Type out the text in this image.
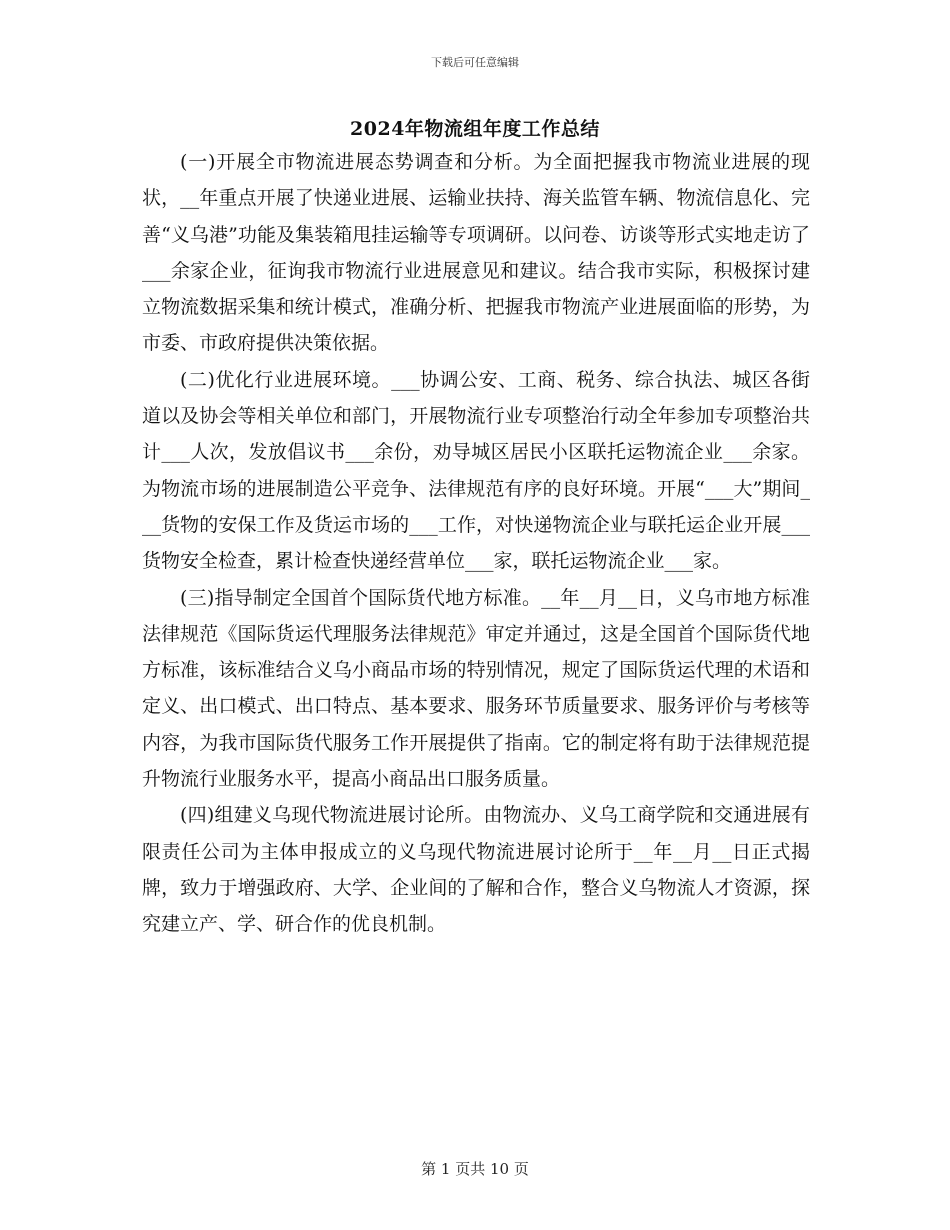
下载后可任意编辑
2024年物流组年度工作总结

(一)开展全市物流进展态势调查和分析。为全面把握我市物流业进展的现状，__年重点开展了快递业进展、运输业扶持、海关监管车辆、物流信息化、完善“义乌港”功能及集装箱甩挂运输等专项调研。以问卷、访谈等形式实地走访了___余家企业，征询我市物流行业进展意见和建议。结合我市实际，积极探讨建立物流数据采集和统计模式，准确分析、把握我市物流产业进展面临的形势，为市委、市政府提供决策依据。

(二)优化行业进展环境。___协调公安、工商、税务、综合执法、城区各街道以及协会等相关单位和部门，开展物流行业专项整治行动全年参加专项整治共计___人次，发放倡议书___余份，劝导城区居民小区联托运物流企业___余家。为物流市场的进展制造公平竞争、法律规范有序的良好环境。开展“___大”期间___货物的安保工作及货运市场的___工作，对快递物流企业与联托运企业开展___货物安全检查，累计检查快递经营单位___家，联托运物流企业___家。

(三)指导制定全国首个国际货代地方标准。__年__月__日，义乌市地方标准法律规范《国际货运代理服务法律规范》审定并通过，这是全国首个国际货代地方标准，该标准结合义乌小商品市场的特别情况，规定了国际货运代理的术语和定义、出口模式、出口特点、基本要求、服务环节质量要求、服务评价与考核等内容，为我市国际货代服务工作开展提供了指南。它的制定将有助于法律规范提升物流行业服务水平，提高小商品出口服务质量。

(四)组建义乌现代物流进展讨论所。由物流办、义乌工商学院和交通进展有限责任公司为主体申报成立的义乌现代物流进展讨论所于__年__月__日正式揭牌，致力于增强政府、大学、企业间的了解和合作，整合义乌物流人才资源，探究建立产、学、研合作的优良机制。

第 1 页共 10 页
